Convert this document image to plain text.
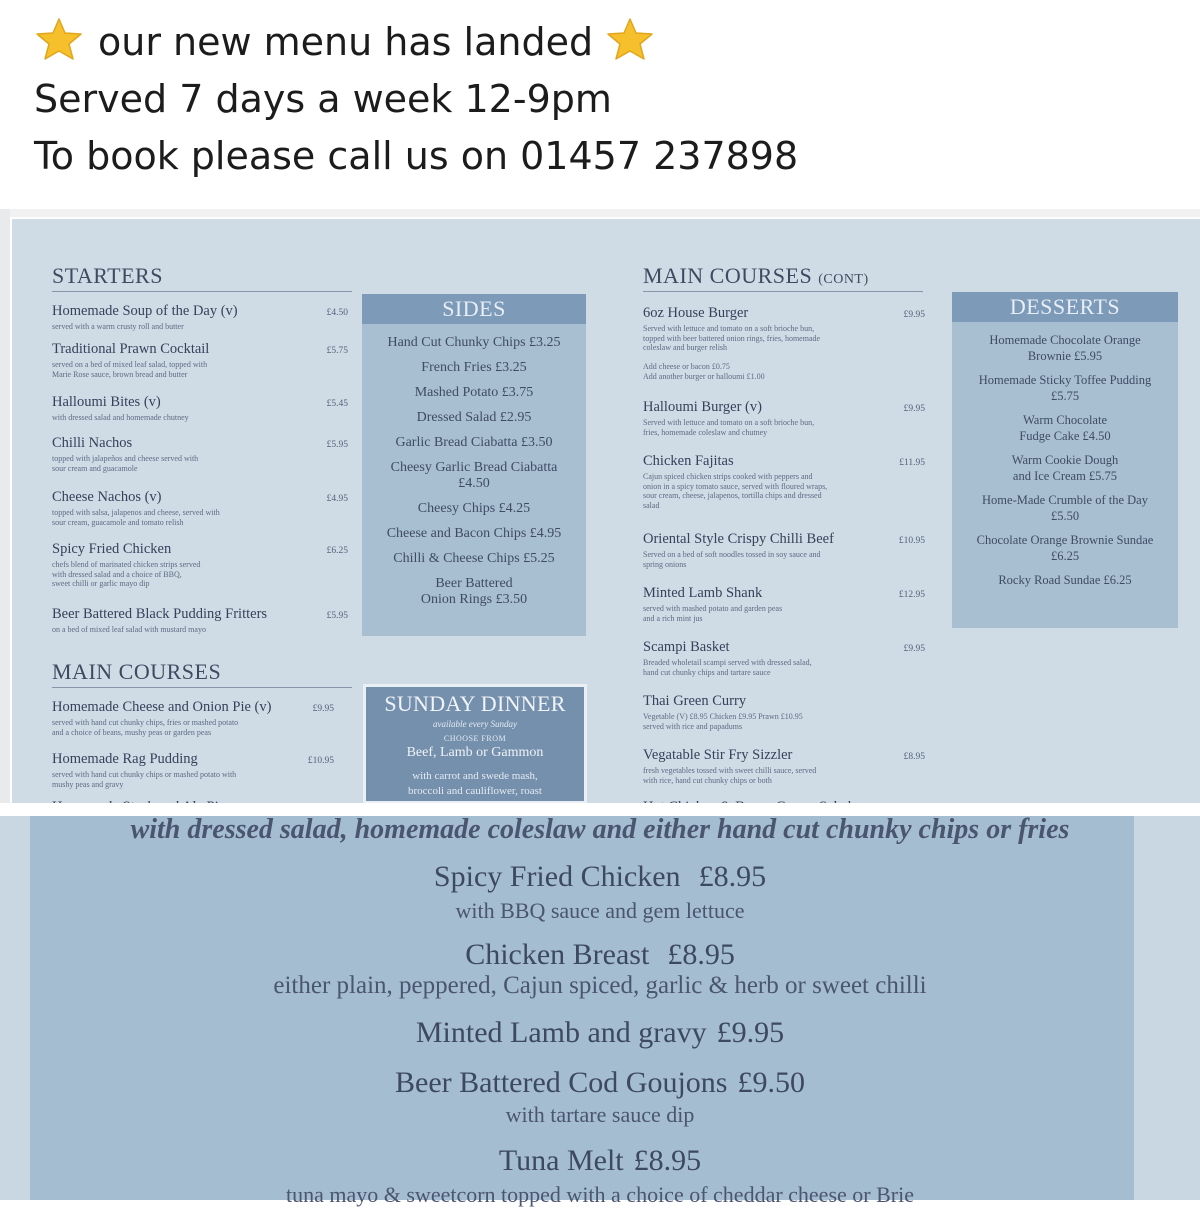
our new menu has landed
Served 7 days a week 12-9pm
To book please call us on 01457 237898
STARTERS
Homemade Soup of the Day (v)	£4.50
served with a warm crusty roll and butter
Traditional Prawn Cocktail	£5.75
served on a bed of mixed leaf salad, topped with
Marie Rose sauce, brown bread and butter
Halloumi Bites (v)	£5.45
with dressed salad and homemade chutney
Chilli Nachos	£5.95
topped with jalapeños and cheese served with
sour cream and guacamole
Cheese Nachos (v)	£4.95
topped with salsa, jalapenos and cheese, served with
sour cream, guacamole and tomato relish
Spicy Fried Chicken	£6.25
chefs blend of marinated chicken strips served
with dressed salad and a choice of BBQ,
sweet chilli or garlic mayo dip
Beer Battered Black Pudding Fritters	£5.95
on a bed of mixed leaf salad with mustard mayo
MAIN COURSES
Homemade Cheese and Onion Pie (v)	£9.95
served with hand cut chunky chips, fries or mashed potato
and a choice of beans, mushy peas or garden peas
Homemade Rag Pudding	£10.95
served with hand cut chunky chips or mashed potato with
mushy peas and gravy
SIDES
Hand Cut Chunky Chips £3.25
French Fries £3.25
Mashed Potato £3.75
Dressed Salad £2.95
Garlic Bread Ciabatta £3.50
Cheesy Garlic Bread Ciabatta
£4.50
Cheesy Chips £4.25
Cheese and Bacon Chips £4.95
Chilli & Cheese Chips £5.25
Beer Battered
Onion Rings £3.50
SUNDAY DINNER
available every Sunday
CHOOSE FROM
Beef, Lamb or Gammon
with carrot and swede mash,
broccoli and cauliflower, roast
MAIN COURSES (CONT)
6oz House Burger	£9.95
Served with lettuce and tomato on a soft brioche bun,
topped with beer battered onion rings, fries, homemade
coleslaw and burger relish

Add cheese or bacon £0.75
Add another burger or halloumi £1.00
Halloumi Burger (v)	£9.95
Served with lettuce and tomato on a soft brioche bun,
fries, homemade coleslaw and chutney
Chicken Fajitas	£11.95
Cajun spiced chicken strips cooked with peppers and
onion in a spicy tomato sauce, served with floured wraps,
sour cream, cheese, jalapenos, tortilla chips and dressed
salad
Oriental Style Crispy Chilli Beef	£10.95
Served on a bed of soft noodles tossed in soy sauce and
spring onions
Minted Lamb Shank	£12.95
served with mashed potato and garden peas
and a rich mint jus
Scampi Basket	£9.95
Breaded wholetail scampi served with dressed salad,
hand cut chunky chips and tartare sauce
Thai Green Curry
Vegetable (V) £8.95 Chicken £9.95 Prawn £10.95
served with rice and papadums
Vegatable Stir Fry Sizzler	£8.95
fresh vegetables tossed with sweet chilli sauce, served
with rice, hand cut chunky chips or both
DESSERTS
Homemade Chocolate Orange
Brownie £5.95
Homemade Sticky Toffee Pudding
£5.75
Warm Chocolate
Fudge Cake £4.50
Warm Cookie Dough
and Ice Cream £5.75
Home-Made Crumble of the Day
£5.50
Chocolate Orange Brownie Sundae
£6.25
Rocky Road Sundae £6.25
with dressed salad, homemade coleslaw and either hand cut chunky chips or fries
Spicy Fried Chicken £8.95
with BBQ sauce and gem lettuce
Chicken Breast £8.95
either plain, peppered, Cajun spiced, garlic & herb or sweet chilli
Minted Lamb and gravy £9.95
Beer Battered Cod Goujons £9.50
with tartare sauce dip
Tuna Melt £8.95
tuna mayo & sweetcorn topped with a choice of cheddar cheese or Brie
